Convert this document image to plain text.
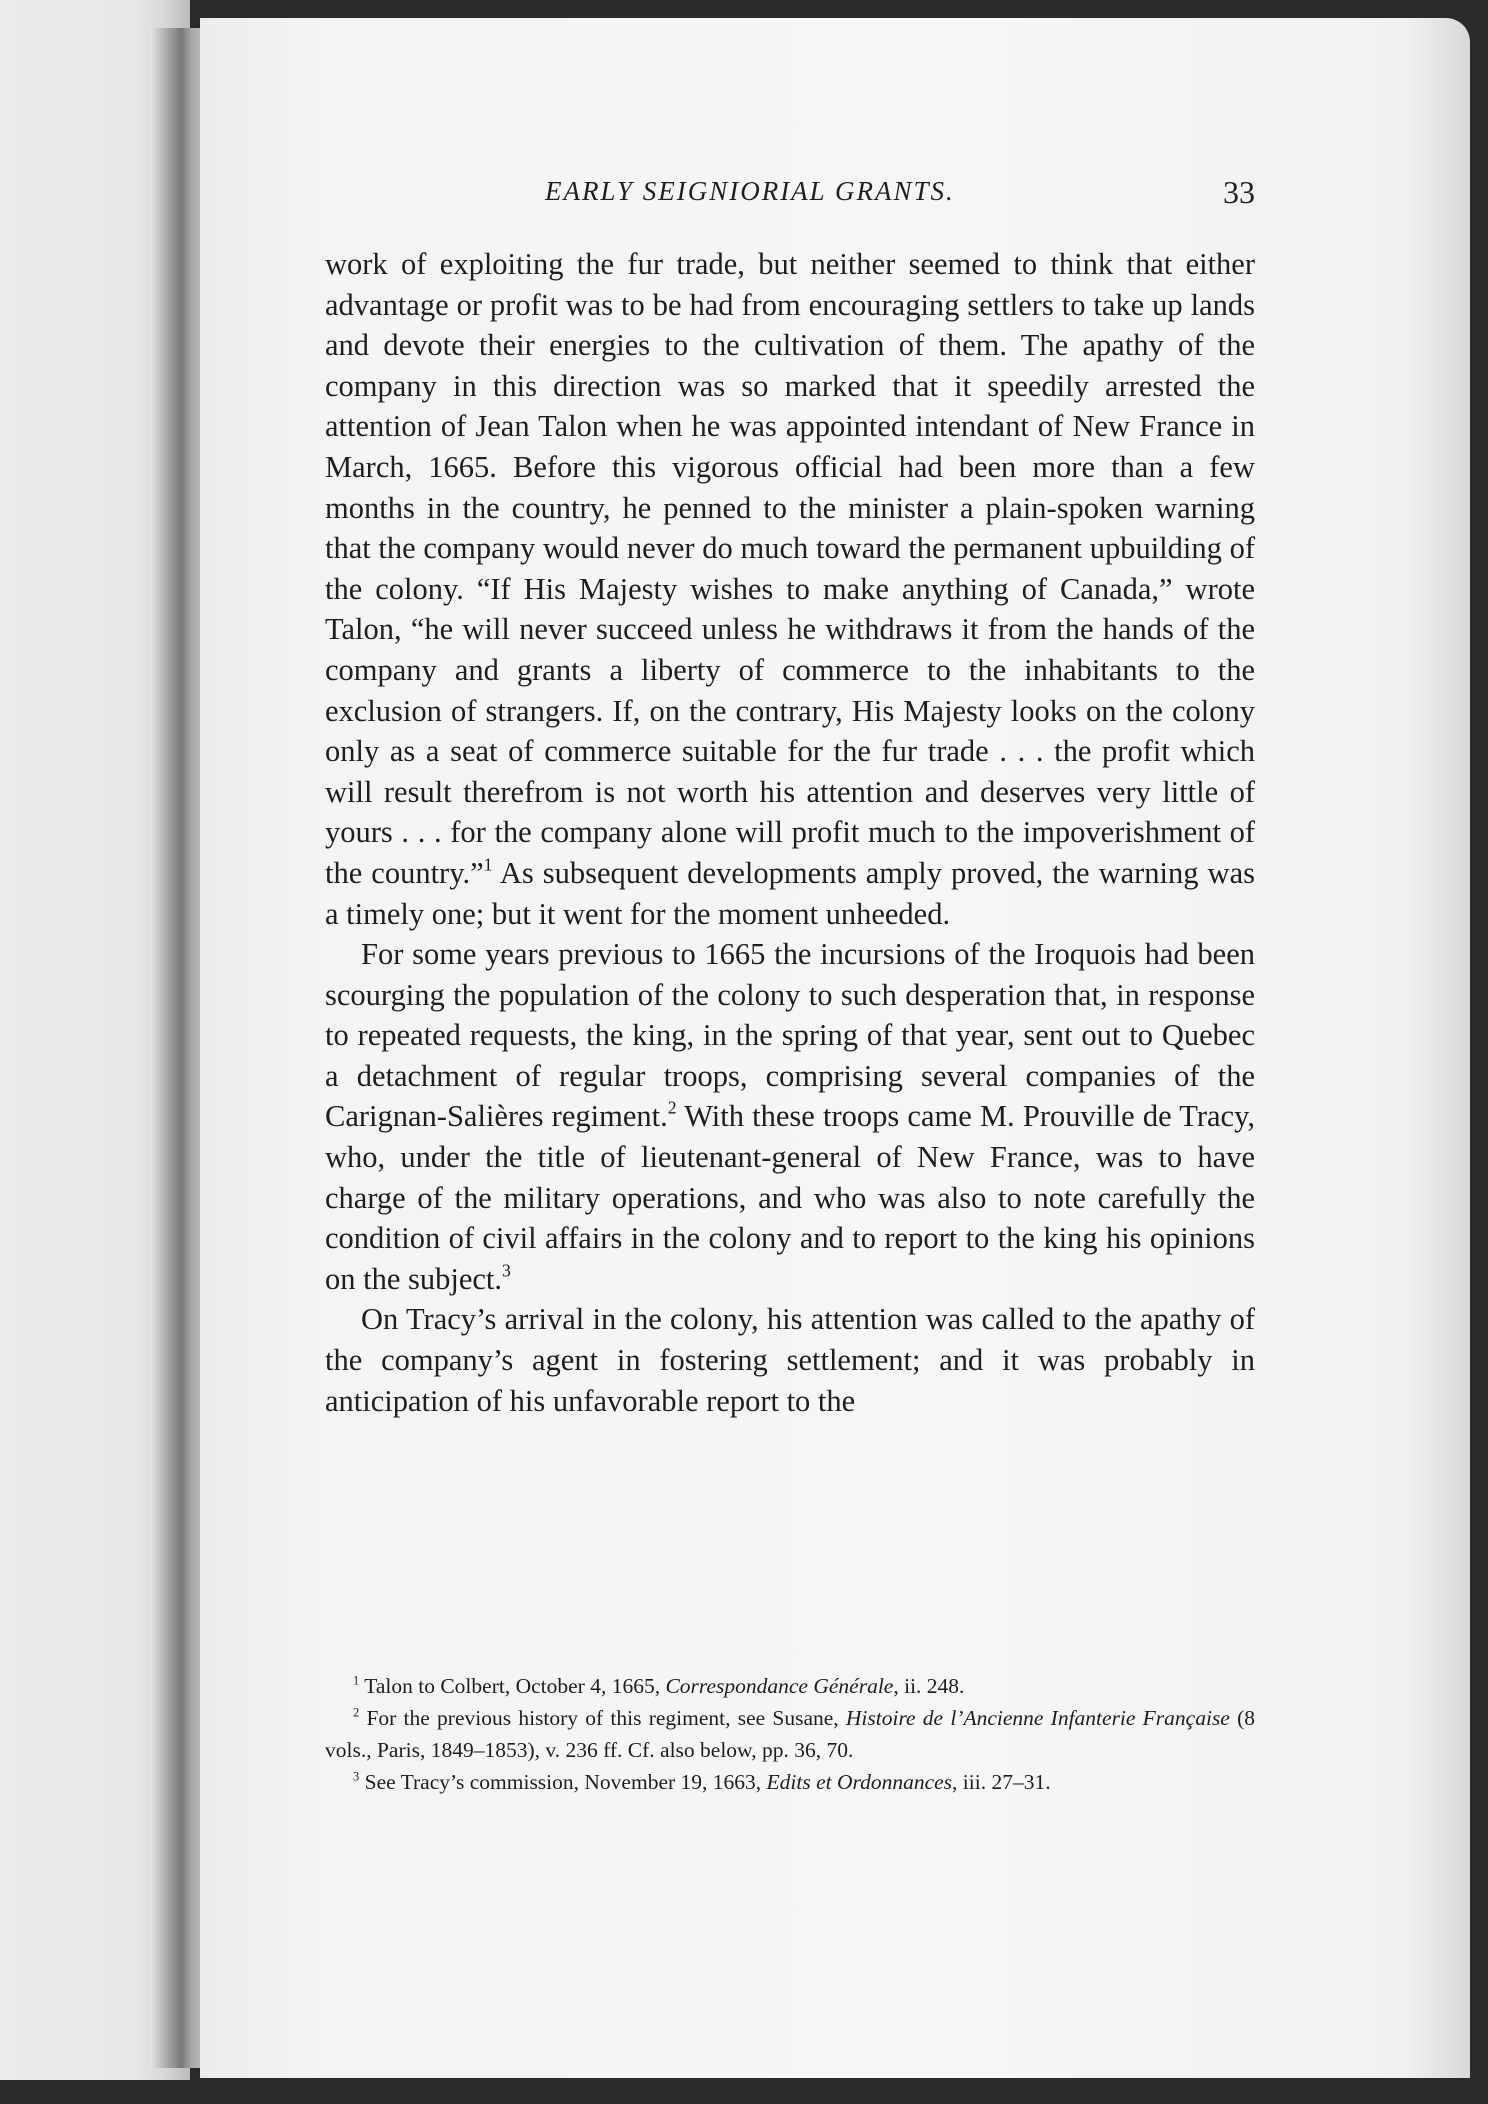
EARLY SEIGNIORIAL GRANTS.	33

work of exploiting the fur trade, but neither seemed to think that either advantage or profit was to be had from encouraging settlers to take up lands and devote their energies to the cultivation of them. The apathy of the company in this direction was so marked that it speedily arrested the attention of Jean Talon when he was appointed intendant of New France in March, 1665. Before this vigorous official had been more than a few months in the country, he penned to the minister a plain-spoken warning that the company would never do much toward the permanent upbuilding of the colony. “If His Majesty wishes to make anything of Canada,” wrote Talon, “he will never succeed unless he withdraws it from the hands of the company and grants a liberty of commerce to the inhabitants to the exclusion of strangers. If, on the contrary, His Majesty looks on the colony only as a seat of commerce suitable for the fur trade . . . the profit which will result therefrom is not worth his attention and deserves very little of yours . . . for the company alone will profit much to the impoverishment of the country.”$^1$ As subsequent developments amply proved, the warning was a timely one; but it went for the moment unheeded.

For some years previous to 1665 the incursions of the Iroquois had been scourging the population of the colony to such desperation that, in response to repeated requests, the king, in the spring of that year, sent out to Quebec a detachment of regular troops, comprising several companies of the Carignan-Salières regiment.$^2$ With these troops came M. Prouville de Tracy, who, under the title of lieutenant-general of New France, was to have charge of the military operations, and who was also to note carefully the condition of civil affairs in the colony and to report to the king his opinions on the subject.$^3$

On Tracy’s arrival in the colony, his attention was called to the apathy of the company’s agent in fostering settlement; and it was probably in anticipation of his unfavorable report to the

$^1$ Talon to Colbert, October 4, 1665, Correspondance Générale, ii. 248.

$^2$ For the previous history of this regiment, see Susane, Histoire de l’Ancienne Infanterie Française (8 vols., Paris, 1849–1853), v. 236 ff. Cf. also below, pp. 36, 70.

$^3$ See Tracy’s commission, November 19, 1663, Edits et Ordonnances, iii. 27–31.
